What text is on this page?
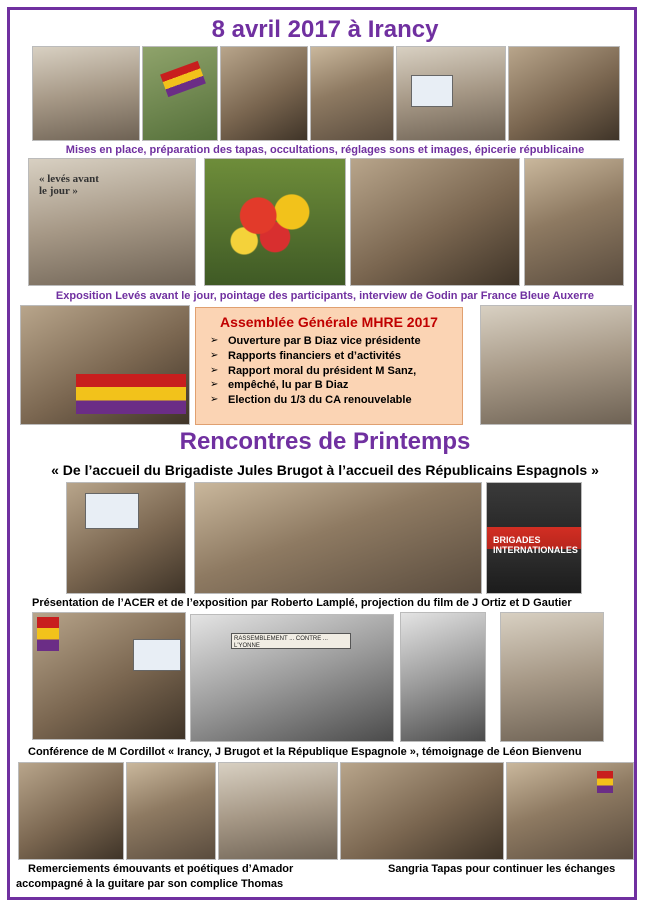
8 avril 2017 à Irancy
Mises en place, préparation des tapas, occultations, réglages sons et images, épicerie républicaine
« levés avant le jour »
Exposition Levés avant le jour, pointage des participants, interview de Godin par France Bleue Auxerre
Assemblée Générale MHRE 2017
➢ Ouverture par B Diaz vice présidente
➢ Rapports financiers et d’activités
➢ Rapport moral du président M Sanz,
➢ empêché, lu par B Diaz
➢ Election du 1/3 du CA renouvelable
Rencontres de Printemps
« De l’accueil du Brigadiste Jules Brugot à l’accueil des Républicains Espagnols »
BRIGADES INTERNATIONALES
Présentation de l’ACER et de l’exposition par Roberto Lamplé, projection du film de J Ortiz et D Gautier
RASSEMBLEMENT ... CONTRE ... L'YONNE
Conférence de M Cordillot « Irancy, J Brugot et la République Espagnole », témoignage de Léon Bienvenu
Remerciements émouvants et poétiques d’Amador
accompagné à la guitare par son complice Thomas
Sangria Tapas pour continuer les échanges
